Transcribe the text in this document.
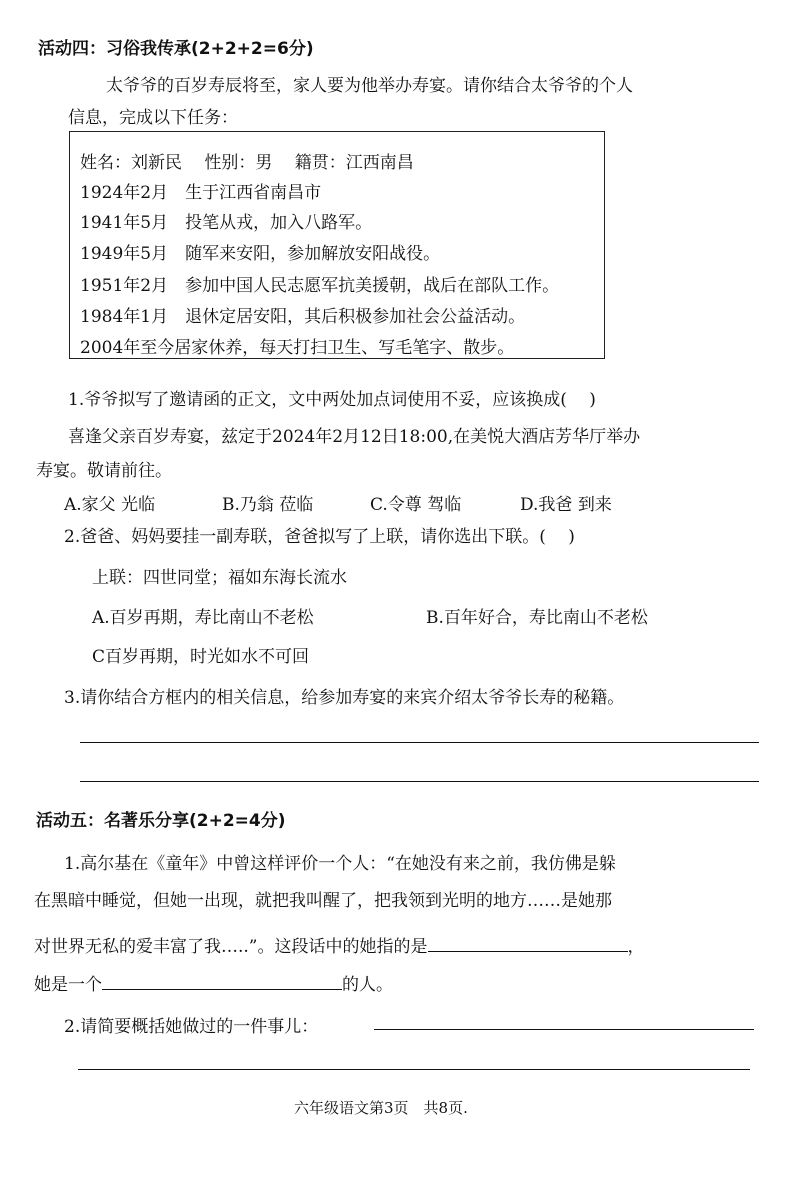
活动四：习俗我传承(2+2+2=6分)
太爷爷的百岁寿辰将至，家人要为他举办寿宴。请你结合太爷爷的个人
信息，完成以下任务：
姓名：刘新民　 性别：男　 籍贯：江西南昌
1924年2月　生于江西省南昌市
1941年5月　投笔从戎，加入八路军。
1949年5月　随军来安阳，参加解放安阳战役。
1951年2月　参加中国人民志愿军抗美援朝，战后在部队工作。
1984年1月　退休定居安阳，其后积极参加社会公益活动。
2004年至今居家休养，每天打扫卫生、写毛笔字、散步。
1.爷爷拟写了邀请函的正文，文中两处加点词使用不妥，应该换成(　 )
喜逢父亲百岁寿宴，兹定于2024年2月12日18:00,在美悦大酒店芳华厅举办
寿宴。敬请前往。
A.家父 光临	B.乃翁 莅临	C.令尊 驾临	D.我爸 到来
2.爸爸、妈妈要挂一副寿联，爸爸拟写了上联，请你选出下联。(　 )
上联：四世同堂；福如东海长流水
A.百岁再期，寿比南山不老松	B.百年好合，寿比南山不老松
C百岁再期，时光如水不可回
3.请你结合方框内的相关信息，给参加寿宴的来宾介绍太爷爷长寿的秘籍。
活动五：名著乐分享(2+2=4分)
1.高尔基在《童年》中曾这样评价一个人：“在她没有来之前，我仿佛是躲
在黑暗中睡觉，但她一出现，就把我叫醒了，把我领到光明的地方……是她那
对世界无私的爱丰富了我…..”。这段话中的她指的是	，
她是一个	的人。
2.请简要概括她做过的一件事儿：
六年级语文第3页　共8页.
